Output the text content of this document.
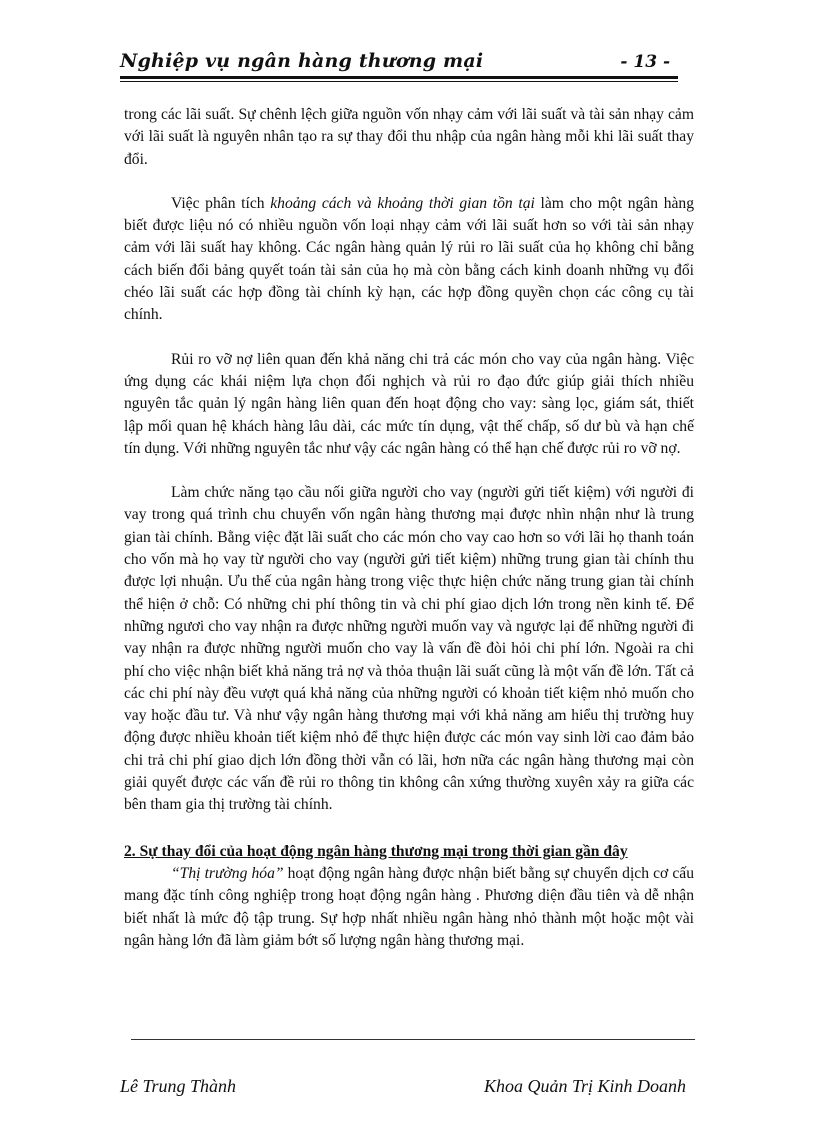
Nghiệp vụ ngân hàng thương mại	- 13 -

trong các lãi suất. Sự chênh lệch giữa nguồn vốn nhạy cảm với lãi suất và tài sản nhạy cảm với lãi suất là nguyên nhân tạo ra sự thay đổi thu nhập của ngân hàng mỗi khi lãi suất thay đổi.

Việc phân tích khoảng cách và khoảng thời gian tồn tại làm cho một ngân hàng biết được liệu nó có nhiều nguồn vốn loại nhạy cảm với lãi suất hơn so với tài sản nhạy cảm với lãi suất hay không. Các ngân hàng quản lý rủi ro lãi suất của họ không chỉ bằng cách biến đổi bảng quyết toán tài sản của họ mà còn bằng cách kinh doanh những vụ đổi chéo lãi suất các hợp đồng tài chính kỳ hạn, các hợp đồng quyền chọn các công cụ tài chính.

Rủi ro vỡ nợ liên quan đến khả năng chi trả các món cho vay của ngân hàng. Việc ứng dụng các khái niệm lựa chọn đối nghịch và rủi ro đạo đức giúp giải thích nhiều nguyên tắc quản lý ngân hàng liên quan đến hoạt động cho vay: sàng lọc, giám sát, thiết lập mối quan hệ khách hàng lâu dài, các mức tín dụng, vật thế chấp, số dư bù và hạn chế tín dụng. Với những nguyên tắc như vậy các ngân hàng có thể hạn chế được rủi ro vỡ nợ.

Làm chức năng tạo cầu nối giữa người cho vay (người gửi tiết kiệm) với người đi vay trong quá trình chu chuyển vốn ngân hàng thương mại được nhìn nhận như là trung gian tài chính. Bằng việc đặt lãi suất cho các món cho vay cao hơn so với lãi họ thanh toán cho vốn mà họ vay từ người cho vay (người gửi tiết kiệm) những trung gian tài chính thu được lợi nhuận. Ưu thế của ngân hàng trong việc thực hiện chức năng trung gian tài chính thể hiện ở chỗ: Có những chi phí thông tin và chi phí giao dịch lớn trong nền kinh tế. Để những ngươi cho vay nhận ra được những người muốn vay và ngược lại để những người đi vay nhận ra được những người muốn cho vay là vấn đề đòi hỏi chi phí lớn. Ngoài ra chi phí cho việc nhận biết khả năng trả nợ và thỏa thuận lãi suất cũng là một vấn đề lớn. Tất cả các chi phí này đều vượt quá khả năng của những người có khoản tiết kiệm nhỏ muốn cho vay hoặc đầu tư. Và như vậy ngân hàng thương mại với khả năng am hiểu thị trường huy động được nhiều khoản tiết kiệm nhỏ để thực hiện được các món vay sinh lời cao đảm bảo chi trả chi phí giao dịch lớn đồng thời vẫn có lãi, hơn nữa các ngân hàng thương mại còn giải quyết được các vấn đề rủi ro thông tin không cân xứng thường xuyên xảy ra giữa các bên tham gia thị trường tài chính.

2. Sự thay đổi của hoạt động ngân hàng thương mại trong thời gian gần đây

“Thị trường hóa” hoạt động ngân hàng được nhận biết bằng sự chuyển dịch cơ cấu mang đặc tính công nghiệp trong hoạt động ngân hàng . Phương diện đầu tiên và dễ nhận biết nhất là mức độ tập trung. Sự hợp nhất nhiều ngân hàng nhỏ thành một hoặc một vài ngân hàng lớn đã làm giảm bớt số lượng ngân hàng thương mại.

Lê Trung Thành	Khoa Quản Trị Kinh Doanh
